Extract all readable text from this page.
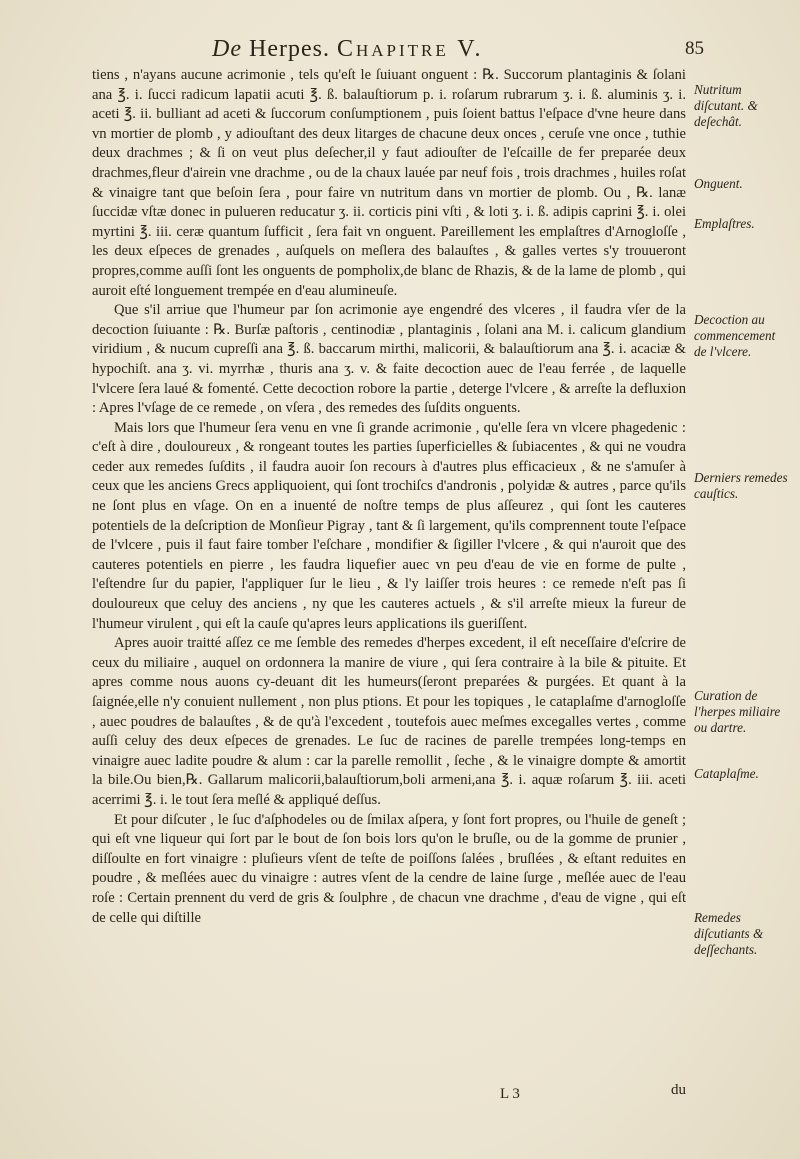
De Herpes. Chapitre V.	85

tiens , n'ayans aucune acrimonie , tels qu'eſt le ſuiuant onguent : ℞. Succorum plantaginis & ſolani ana ℥. i. ſucci radicum lapatii acuti ℥. ß. balauſtiorum p. i. roſarum rubrarum ʒ. i. ß. aluminis ʒ. i. aceti ℥. ii. bulliant ad aceti & ſuccorum conſumptionem , puis ſoient battus l'eſpace d'vne heure dans vn mortier de plomb , y adiouſtant des deux litarges de chacune deux onces , ceruſe vne once , tuthie deux drachmes ; & ſi on veut plus deſecher,il y faut adiouſter de l'eſcaille de fer preparée deux drachmes,fleur d'airein vne drachme , ou de la chaux lauée par neuf fois , trois drachmes , huiles roſat & vinaigre tant que beſoin ſera , pour faire vn nutritum dans vn mortier de plomb. Ou , ℞. lanæ ſuccidæ vſtæ donec in pulueren reducatur ʒ. ii. corticis pini vſti , & loti ʒ. i. ß. adipis caprini ℥. i. olei myrtini ℥. iii. ceræ quantum ſufficit , ſera fait vn onguent. Pareillement les emplaſtres d'Arnogloſſe , les deux eſpeces de grenades , auſquels on meſlera des balauſtes , & galles vertes s'y trouueront propres,comme auſſi ſont les onguents de pompholix,de blanc de Rhazis, & de la lame de plomb , qui auroit eſté longuement trempée en d'eau alumineuſe.

Que s'il arriue que l'humeur par ſon acrimonie aye engendré des vlceres , il faudra vſer de la decoction ſuiuante : ℞. Burſæ paſtoris , centinodiæ , plantaginis , ſolani ana M. i. calicum glandium viridium , & nucum cupreſſi ana ℥. ß. baccarum mirthi, malicorii, & balauſtiorum ana ℥. i. acaciæ & hypochiſt. ana ʒ. vi. myrrhæ , thuris ana ʒ. v. & faite decoction auec de l'eau ferrée , de laquelle l'vlcere ſera laué & fomenté. Cette decoction robore la partie , deterge l'vlcere , & arreſte la defluxion : Apres l'vſage de ce remede , on vſera , des remedes des ſuſdits onguents.

Mais lors que l'humeur ſera venu en vne ſi grande acrimonie , qu'elle ſera vn vlcere phagedenic : c'eſt à dire , douloureux , & rongeant toutes les parties ſuperficielles & ſubiacentes , & qui ne voudra ceder aux remedes ſuſdits , il faudra auoir ſon recours à d'autres plus efficacieux , & ne s'amuſer à ceux que les anciens Grecs appliquoient, qui ſont trochiſcs d'andronis , polyidæ & autres , parce qu'ils ne ſont plus en vſage. On en a inuenté de noſtre temps de plus aſſeurez , qui ſont les cauteres potentiels de la deſcription de Monſieur Pigray , tant & ſi largement, qu'ils comprennent toute l'eſpace de l'vlcere , puis il faut faire tomber l'eſchare , mondifier & ſigiller l'vlcere , & qui n'auroit que des cauteres potentiels en pierre , les faudra liquefier auec vn peu d'eau de vie en forme de pulte , l'eſtendre ſur du papier, l'appliquer ſur le lieu , & l'y laiſſer trois heures : ce remede n'eſt pas ſi douloureux que celuy des anciens , ny que les cauteres actuels , & s'il arreſte mieux la fureur de l'humeur virulent , qui eſt la cauſe qu'apres leurs applications ils gueriſſent.

Apres auoir traitté aſſez ce me ſemble des remedes d'herpes excedent, il eſt neceſſaire d'eſcrire de ceux du miliaire , auquel on ordonnera la manire de viure , qui ſera contraire à la bile & pituite. Et apres comme nous auons cy-deuant dit les humeurs(ſeront preparées & purgées. Et quant à la ſaignée,elle n'y conuient nullement , non plus ptions. Et pour les topiques , le cataplaſme d'arnogloſſe , auec poudres de balauſtes , & de qu'à l'excedent , toutefois auec meſmes excegalles vertes , comme auſſi celuy des deux eſpeces de grenades. Le ſuc de racines de parelle trempées long-temps en vinaigre auec ladite poudre & alum : car la parelle remollit , ſeche , & le vinaigre dompte & amortit la bile.Ou bien,℞. Gallarum malicorii,balauſtiorum,boli armeni,ana ℥. i. aquæ roſarum ℥. iii. aceti acerrimi ℥. i. le tout ſera meſlé & appliqué deſſus.

Et pour diſcuter , le ſuc d'aſphodeles ou de ſmilax aſpera, y ſont fort propres, ou l'huile de geneſt ; qui eſt vne liqueur qui ſort par le bout de ſon bois lors qu'on le bruſle, ou de la gomme de prunier , diſſoulte en fort vinaigre : pluſieurs vſent de teſte de poiſſons ſalées , bruſlées , & eſtant reduites en poudre , & meſlées auec du vinaigre : autres vſent de la cendre de laine ſurge , meſlée auec de l'eau roſe : Certain prennent du verd de gris & ſoulphre , de chacun vne drachme , d'eau de vigne , qui eſt de celle qui diſtille

Nutritum diſcutant. & deſechât.
Onguent.
Emplaſtres.
Decoction au commencement de l'vlcere.
Derniers remedes cauſtics.
Curation de l'herpes miliaire ou dartre.
Cataplaſme.
Remedes diſcutiants & deſſechants.
L 3	du
